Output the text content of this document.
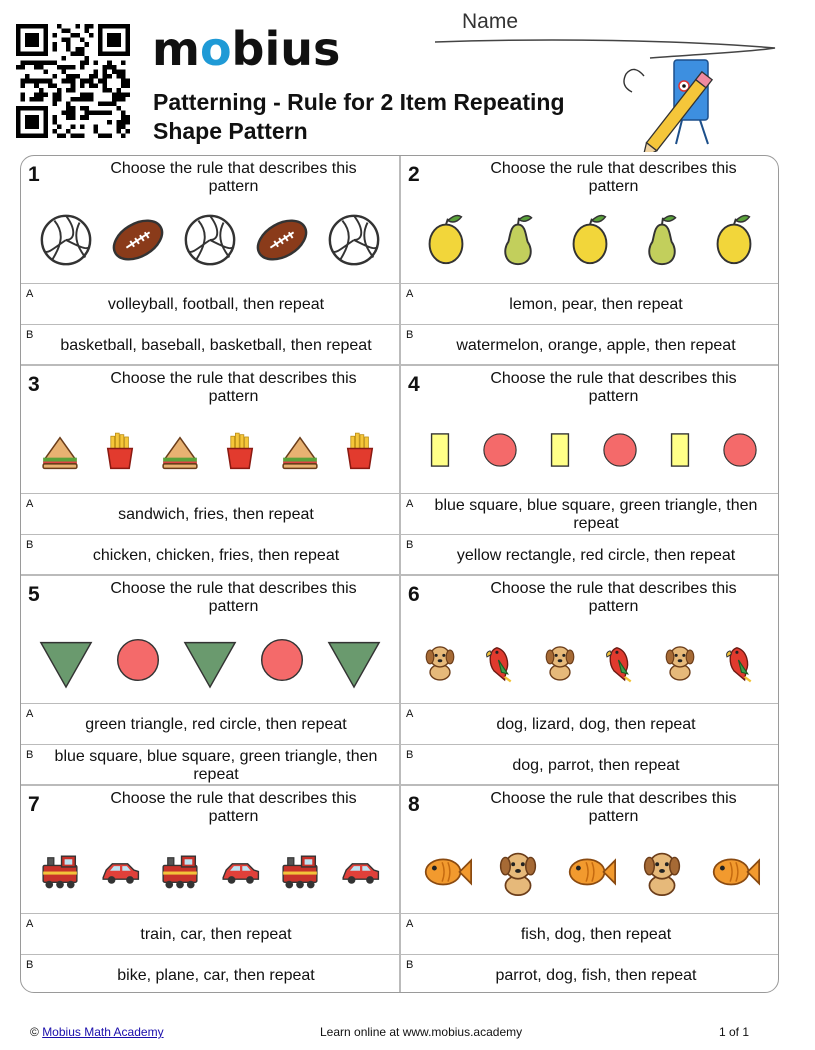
mobius
Patterning - Rule for 2 Item Repeating Shape Pattern
Name
1	Choose the rule that describes this pattern
A
volleyball, football, then repeat
B
basketball, baseball, basketball, then repeat
2	Choose the rule that describes this pattern
A
lemon, pear, then repeat
B
watermelon, orange, apple, then repeat
3	Choose the rule that describes this pattern
A
sandwich, fries, then repeat
B
chicken, chicken, fries, then repeat
4	Choose the rule that describes this pattern
A	blue square, blue square, green triangle, then repeat
B
yellow rectangle, red circle, then repeat
5	Choose the rule that describes this pattern
A
green triangle, red circle, then repeat
B	blue square, blue square, green triangle, then repeat
6	Choose the rule that describes this pattern
A
dog, lizard, dog, then repeat
B
dog, parrot, then repeat
7	Choose the rule that describes this pattern
A
train, car, then repeat
B
bike, plane, car, then repeat
8	Choose the rule that describes this pattern
A
fish, dog, then repeat
B
parrot, dog, fish, then repeat
© Mobius Math Academy	Learn online at www.mobius.academy	1 of 1
